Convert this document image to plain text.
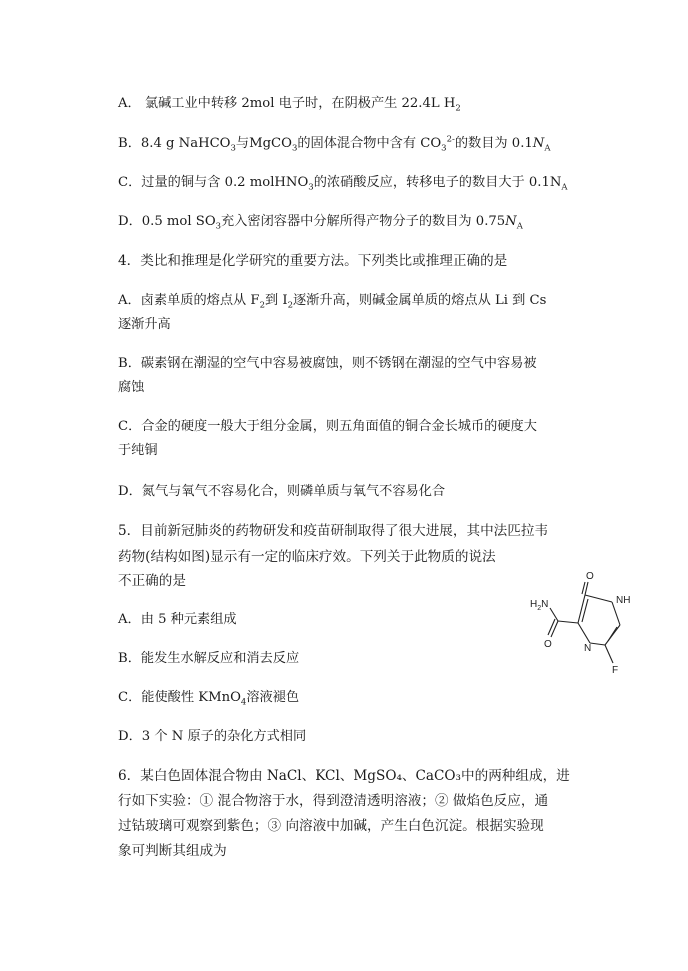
A． 氯碱工业中转移 2mol 电子时，在阴极产生 22.4L $H_2$
B．8.4 g NaHCO$_3$与MgCO$_3$的固体混合物中含有 $CO_3^{2-}$的数目为 $0.1N_A$
C．过量的铜与含 0.2 molHNO$_3$的浓硝酸反应，转移电子的数目大于 $0.1N_A$
D．0.5 mol $SO_3$充入密闭容器中分解所得产物分子的数目为 $0.75N_A$
4．类比和推理是化学研究的重要方法。下列类比或推理正确的是
A．卤素单质的熔点从 $F_2$到 $I_2$逐渐升高，则碱金属单质的熔点从 Li 到 Cs
逐渐升高
B．碳素钢在潮湿的空气中容易被腐蚀，则不锈钢在潮湿的空气中容易被
腐蚀
C．合金的硬度一般大于组分金属，则五角面值的铜合金长城币的硬度大
于纯铜
D．氮气与氧气不容易化合，则磷单质与氧气不容易化合
5．目前新冠肺炎的药物研发和疫苗研制取得了很大进展，其中法匹拉韦
药物(结构如图)显示有一定的临床疗效。下列关于此物质的说法
不正确的是
A．由 5 种元素组成
B．能发生水解反应和消去反应
C．能使酸性 KMnO$_4$溶液褪色
D．3 个 N 原子的杂化方式相同
O
NH
$H_2N$
O	N
F
6．某白色固体混合物由 NaCl、KCl、MgSO₄、CaCO₃中的两种组成，进
行如下实验：① 混合物溶于水，得到澄清透明溶液；② 做焰色反应，通
过钴玻璃可观察到紫色；③ 向溶液中加碱，产生白色沉淀。根据实验现
象可判断其组成为
